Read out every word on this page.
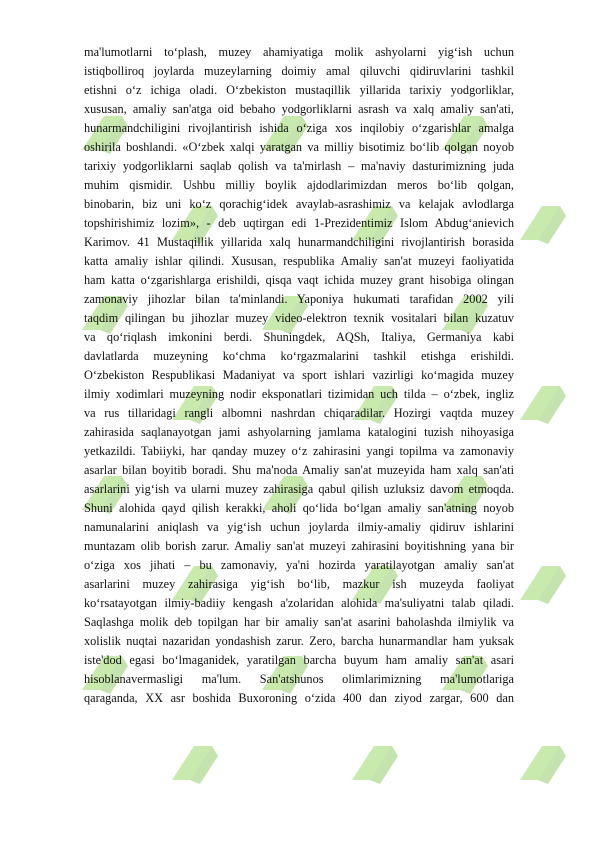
ma'lumotlarni to‘plash, muzey ahamiyatiga molik ashyolarni yig‘ish uchun
istiqbolliroq joylarda muzeylarning doimiy amal qiluvchi qidiruvlarini tashkil
etishni o‘z ichiga oladi. O‘zbekiston mustaqillik yillarida tarixiy yodgorliklar,
xususan, amaliy san'atga oid bebaho yodgorliklarni asrash va xalq amaliy san'ati,
hunarmandchiligini rivojlantirish ishida o‘ziga xos inqilobiy o‘zgarishlar amalga
oshirila boshlandi. «O‘zbek xalqi yaratgan va milliy bisotimiz bo‘lib qolgan noyob
tarixiy yodgorliklarni saqlab qolish va ta'mirlash – ma'naviy dasturimizning juda
muhim qismidir. Ushbu milliy boylik ajdodlarimizdan meros bo‘lib qolgan,
binobarin, biz uni ko‘z qorachig‘idek avaylab-asrashimiz va kelajak avlodlarga
topshirishimiz lozim», - deb uqtirgan edi 1-Prezidentimiz Islom Abdug‘anievich
Karimov. 41 Mustaqillik yillarida xalq hunarmandchiligini rivojlantirish borasida
katta amaliy ishlar qilindi. Xususan, respublika Amaliy san'at muzeyi faoliyatida
ham katta o‘zgarishlarga erishildi, qisqa vaqt ichida muzey grant hisobiga olingan
zamonaviy jihozlar bilan ta'minlandi. Yaponiya hukumati tarafidan 2002 yili
taqdim qilingan bu jihozlar muzey video-elektron texnik vositalari bilan kuzatuv
va qo‘riqlash imkonini berdi. Shuningdek, AQSh, Italiya, Germaniya kabi
davlatlarda muzeyning ko‘chma ko‘rgazmalarini tashkil etishga erishildi.
O‘zbekiston Respublikasi Madaniyat va sport ishlari vazirligi ko‘magida muzey
ilmiy xodimlari muzeyning nodir eksponatlari tizimidan uch tilda – o‘zbek, ingliz
va rus tillaridagi rangli albomni nashrdan chiqaradilar. Hozirgi vaqtda muzey
zahirasida saqlanayotgan jami ashyolarning jamlama katalogini tuzish nihoyasiga
yetkazildi. Tabiiyki, har qanday muzey o‘z zahirasini yangi topilma va zamonaviy
asarlar bilan boyitib boradi. Shu ma'noda Amaliy san'at muzeyida ham xalq san'ati
asarlarini yig‘ish va ularni muzey zahirasiga qabul qilish uzluksiz davom etmoqda.
Shuni alohida qayd qilish kerakki, aholi qo‘lida bo‘lgan amaliy san'atning noyob
namunalarini aniqlash va yig‘ish uchun joylarda ilmiy-amaliy qidiruv ishlarini
muntazam olib borish zarur. Amaliy san'at muzeyi zahirasini boyitishning yana bir
o‘ziga xos jihati – bu zamonaviy, ya'ni hozirda yaratilayotgan amaliy san'at
asarlarini muzey zahirasiga yig‘ish bo‘lib, mazkur ish muzeyda faoliyat
ko‘rsatayotgan ilmiy-badiiy kengash a'zolaridan alohida ma'suliyatni talab qiladi.
Saqlashga molik deb topilgan har bir amaliy san'at asarini baholashda ilmiylik va
xolislik nuqtai nazaridan yondashish zarur. Zero, barcha hunarmandlar ham yuksak
iste'dod egasi bo‘lmaganidek, yaratilgan barcha buyum ham amaliy san'at asari
hisoblanavermasligi ma'lum. San'atshunos olimlarimizning ma'lumotlariga
qaraganda, XX asr boshida Buxoroning o‘zida 400 dan ziyod zargar, 600 dan
